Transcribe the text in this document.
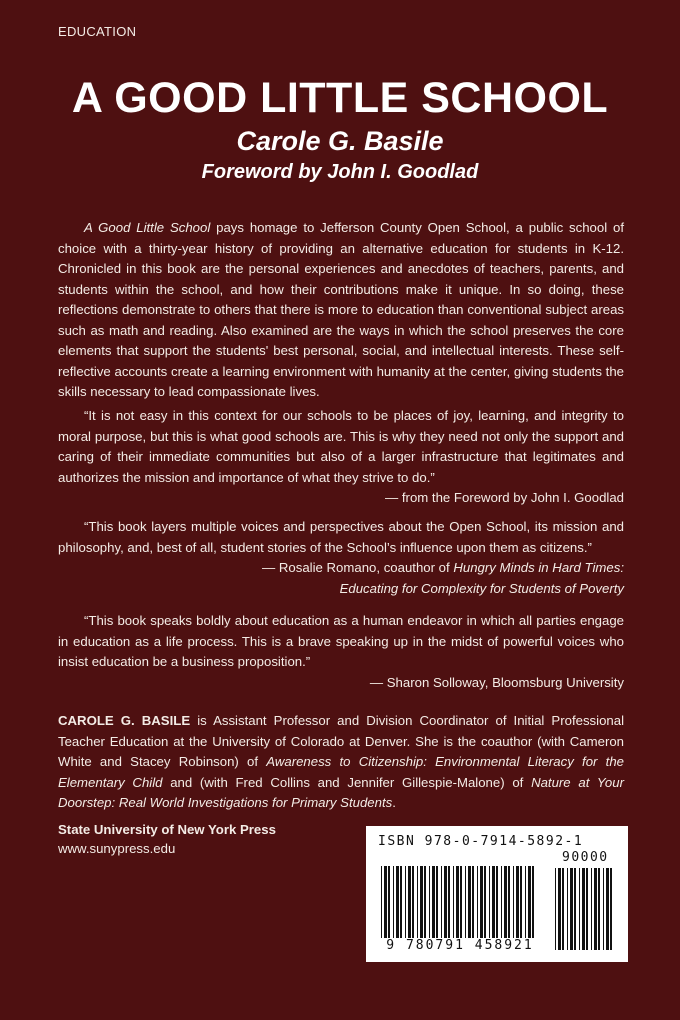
EDUCATION
A GOOD LITTLE SCHOOL
Carole G. Basile
Foreword by John I. Goodlad
A Good Little School pays homage to Jefferson County Open School, a public school of choice with a thirty-year history of providing an alternative education for students in K-12. Chronicled in this book are the personal experiences and anecdotes of teachers, parents, and students within the school, and how their contributions make it unique. In so doing, these reflections demonstrate to others that there is more to education than conventional subject areas such as math and reading. Also examined are the ways in which the school preserves the core elements that support the students' best personal, social, and intellectual interests. These self-reflective accounts create a learning environment with humanity at the center, giving students the skills necessary to lead compassionate lives.
“It is not easy in this context for our schools to be places of joy, learning, and integrity to moral purpose, but this is what good schools are. This is why they need not only the support and caring of their immediate communities but also of a larger infrastructure that legitimates and authorizes the mission and importance of what they strive to do.”
— from the Foreword by John I. Goodlad
“This book layers multiple voices and perspectives about the Open School, its mission and philosophy, and, best of all, student stories of the School’s influence upon them as citizens.”
— Rosalie Romano, coauthor of Hungry Minds in Hard Times:
Educating for Complexity for Students of Poverty
“This book speaks boldly about education as a human endeavor in which all parties engage in education as a life process. This is a brave speaking up in the midst of powerful voices who insist education be a business proposition.”
— Sharon Solloway, Bloomsburg University
CAROLE G. BASILE is Assistant Professor and Division Coordinator of Initial Professional Teacher Education at the University of Colorado at Denver. She is the coauthor (with Cameron White and Stacey Robinson) of Awareness to Citizenship: Environmental Literacy for the Elementary Child and (with Fred Collins and Jennifer Gillespie-Malone) of Nature at Your Doorstep: Real World Investigations for Primary Students.
State University of New York Press
www.sunypress.edu	ISBN 978-0-7914-5892-1
90000
9 780791 458921
